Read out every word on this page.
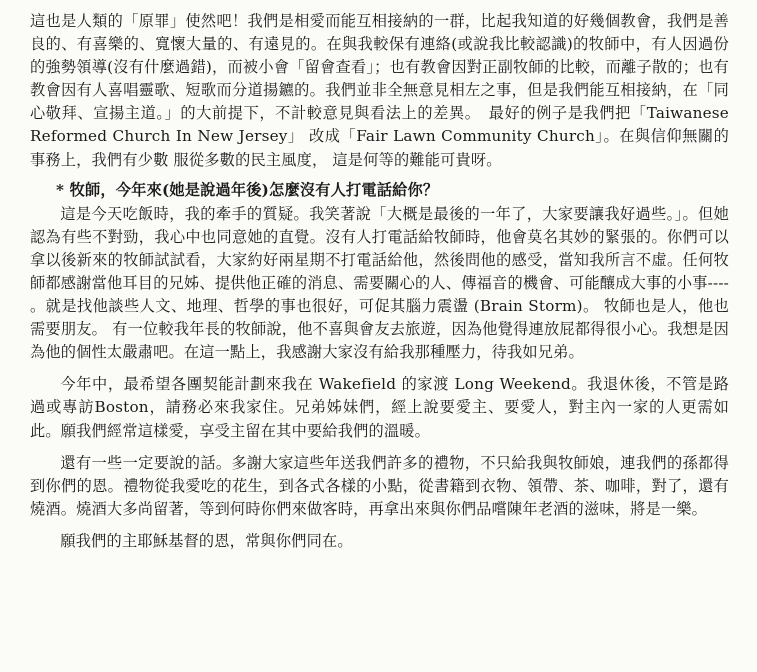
這也是人類的「原罪」使然吧！我們是相愛而能互相接納的一群，比起我知道的好幾個教會，我們是善良的、有喜樂的、寬懷大量的、有遠見的。在與我較保有連絡(或說我比較認識)的牧師中，有人因過份的強勢領導(沒有什麼過錯)，而被小會「留會查看」；也有教會因對正副牧師的比較，而離子散的；也有教會因有人喜唱靈歌、短歌而分道揚鑣的。我們並非全無意見相左之事，但是我們能互相接納，在「同心敬拜、宣揚主道。」的大前提下，不計較意見與看法上的差異。　最好的例子是我們把「Taiwanese Reformed Church In New Jersey」 改成「Fair Lawn Community Church」。在與信仰無關的事務上，我們有少數 服從多數的民主風度， 這是何等的難能可貴呀。

* 牧師，今年來(她是說過年後)怎麼沒有人打電話給你？

這是今天吃飯時，我的牽手的質疑。我笑著說「大概是最後的一年了，大家要讓我好過些。」。但她認為有些不對勁，我心中也同意她的直覺。沒有人打電話給牧師時，他會莫名其妙的緊張的。你們可以拿以後新來的牧師試試看，大家約好兩星期不打電話給他，然後問他的感受，當知我所言不虛。任何牧師都感謝當他耳目的兄姊、提供他正確的消息、需要關心的人、傳福音的機會、可能釀成大事的小事---- 。就是找他談些人文、地理、哲學的事也很好，可促其腦力震盪 (Brain Storm)。 牧師也是人，他也需要朋友。 有一位較我年長的牧師說，他不喜與會友去旅遊，因為他覺得連放屁都得很小心。我想是因為他的個性太嚴肅吧。在這一點上，我感謝大家沒有給我那種壓力，待我如兄弟。

今年中，最希望各團契能計劃來我在 Wakefield 的家渡 Long Weekend。我退休後，不管是路過或專訪Boston，請務必來我家住。兄弟姊妹們，經上說要愛主、要愛人，對主內一家的人更需如此。願我們經常這樣愛，享受主留在其中要給我們的溫暖。

還有一些一定要說的話。多謝大家這些年送我們許多的禮物，不只給我與牧師娘，連我們的孫都得到你們的恩。禮物從我愛吃的花生，到各式各樣的小點，從書籍到衣物、領帶、茶、咖啡，對了，還有燒酒。燒酒大多尚留著，等到何時你們來做客時，再拿出來與你們品嚐陳年老酒的滋味，將是一樂。

願我們的主耶穌基督的恩，常與你們同在。
